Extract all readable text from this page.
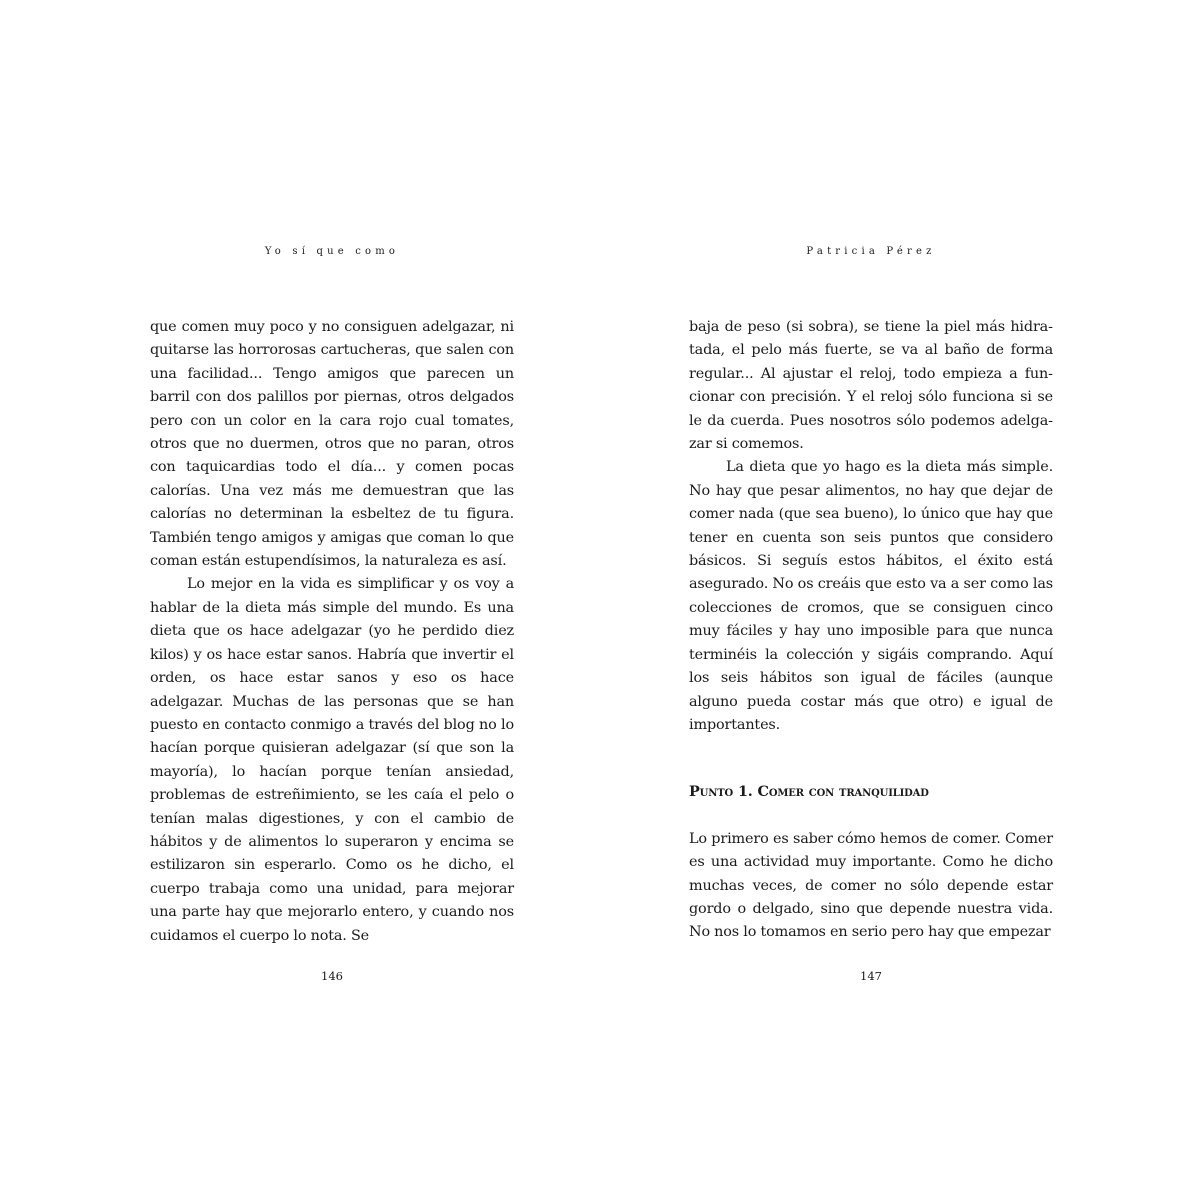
Yo sí que como

que comen muy poco y no consiguen adelgazar, ni quitarse las horrorosas cartucheras, que salen con una facilidad... Tengo amigos que parecen un barril con dos palillos por piernas, otros delgados pero con un color en la cara rojo cual tomates, otros que no duermen, otros que no paran, otros con taquicardias todo el día... y comen pocas calorías. Una vez más me demuestran que las calorías no determinan la esbeltez de tu figura. También tengo amigos y amigas que coman lo que coman están estupendísimos, la naturaleza es así.

Lo mejor en la vida es simplificar y os voy a hablar de la dieta más simple del mundo. Es una dieta que os hace adelgazar (yo he perdido diez kilos) y os hace estar sanos. Habría que invertir el orden, os hace estar sanos y eso os hace adelgazar. Muchas de las personas que se han puesto en contacto conmigo a través del blog no lo hacían porque quisieran adelgazar (sí que son la mayoría), lo hacían porque tenían ansiedad, problemas de estreñimiento, se les caía el pelo o tenían malas digestiones, y con el cambio de hábitos y de alimentos lo superaron y encima se estilizaron sin esperarlo. Como os he dicho, el cuerpo trabaja como una unidad, para mejorar una parte hay que mejorarlo entero, y cuando nos cuidamos el cuerpo lo nota. Se

146
Patricia Pérez

baja de peso (si sobra), se tiene la piel más hidratada, el pelo más fuerte, se va al baño de forma regular... Al ajustar el reloj, todo empieza a funcionar con precisión. Y el reloj sólo funciona si se le da cuerda. Pues nosotros sólo podemos adelgazar si comemos.

La dieta que yo hago es la dieta más simple. No hay que pesar alimentos, no hay que dejar de comer nada (que sea bueno), lo único que hay que tener en cuenta son seis puntos que considero básicos. Si seguís estos hábitos, el éxito está asegurado. No os creáis que esto va a ser como las colecciones de cromos, que se consiguen cinco muy fáciles y hay uno imposible para que nunca terminéis la colección y sigáis comprando. Aquí los seis hábitos son igual de fáciles (aunque alguno pueda costar más que otro) e igual de importantes.

Punto 1. Comer con tranquilidad

Lo primero es saber cómo hemos de comer. Comer es una actividad muy importante. Como he dicho muchas veces, de comer no sólo depende estar gordo o delgado, sino que depende nuestra vida. No nos lo tomamos en serio pero hay que empezar

147
